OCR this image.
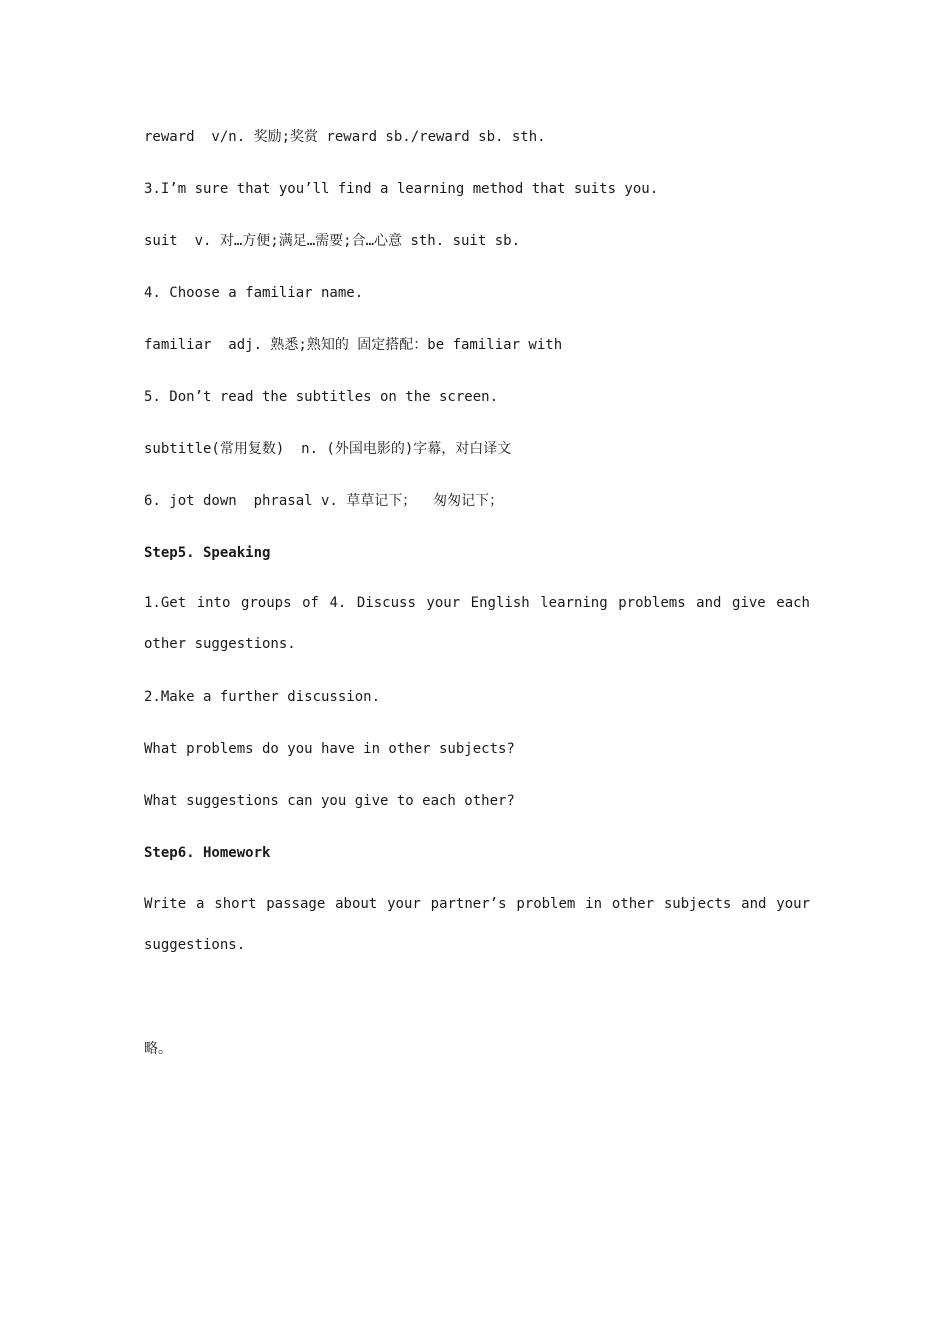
reward  v/n. 奖励;奖赏 reward sb./reward sb. sth.
3.I’m sure that you’ll find a learning method that suits you.
suit  v. 对…方便;满足…需要;合…心意 sth. suit sb.
4. Choose a familiar name.
familiar  adj. 熟悉;熟知的 固定搭配：be familiar with
5. Don’t read the subtitles on the screen.
subtitle(常用复数)  n. (外国电影的)字幕，对白译文
6. jot down  phrasal v. 草草记下；  匆匆记下；
Step5. Speaking
1.Get into groups of 4. Discuss your English learning problems and give each other suggestions.
2.Make a further discussion.
What problems do you have in other subjects?
What suggestions can you give to each other?
Step6. Homework
Write a short passage about your partner’s problem in other subjects and your suggestions.
略。
